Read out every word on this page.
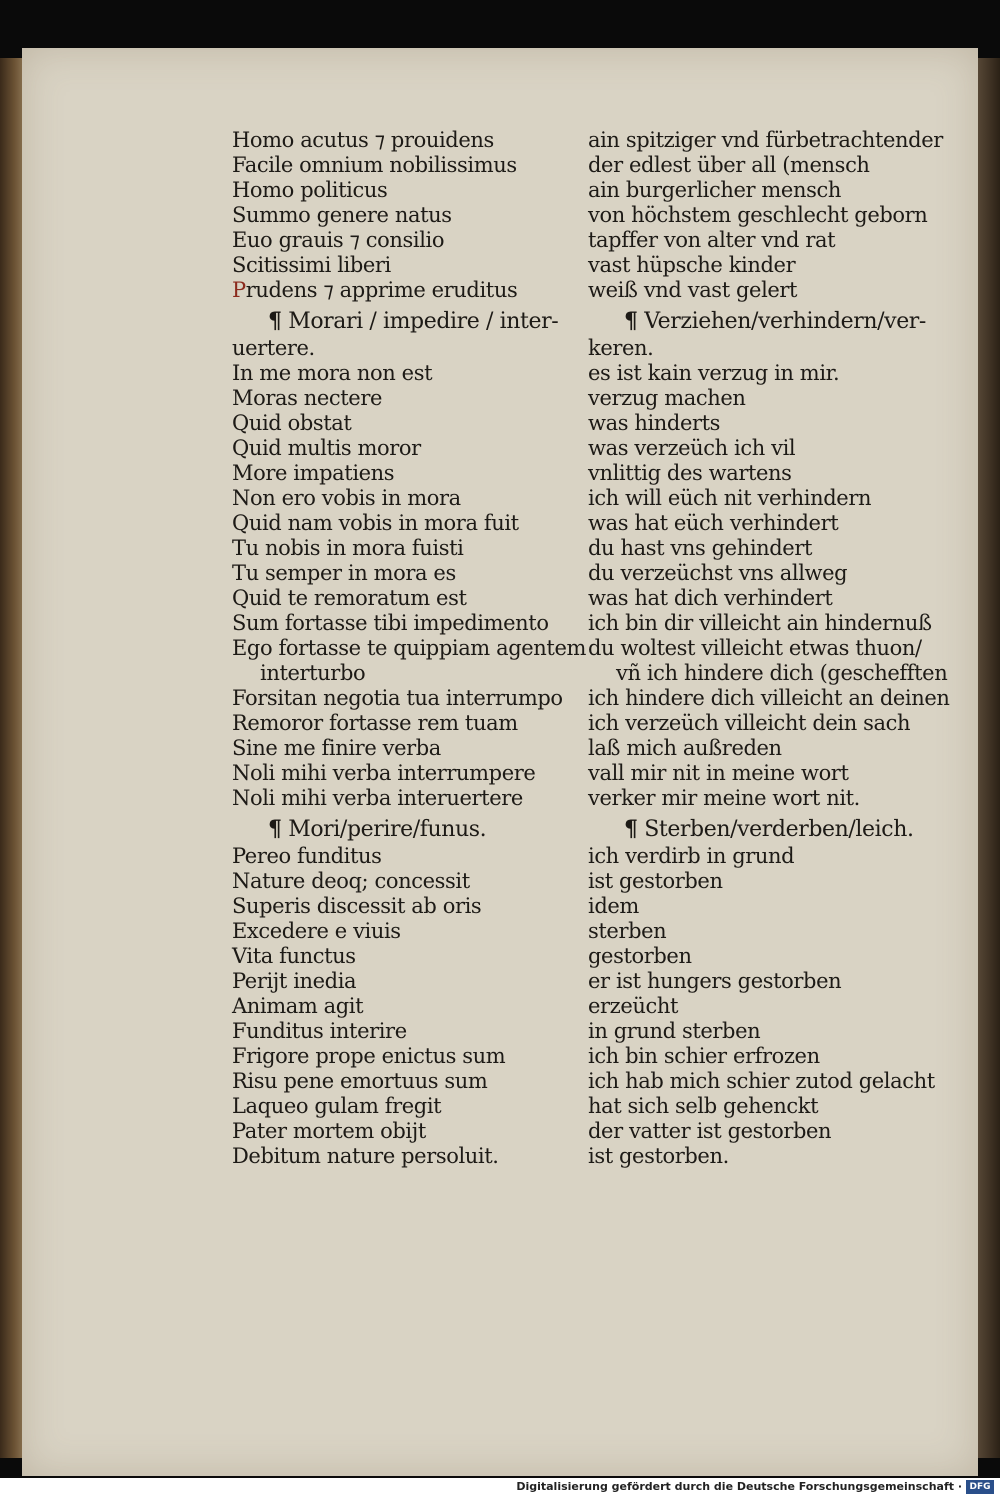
Homo acutus ⁊ prouidens
Facile omnium nobilissimus
Homo politicus
Summo genere natus
Euo grauis ⁊ consilio
Scitissimi liberi
Prudens ⁊ apprime eruditus
¶ Morari / impedire / inter-
uertere.
In me mora non est
Moras nectere
Quid obstat
Quid multis moror
More impatiens
Non ero vobis in mora
Quid nam vobis in mora fuit
Tu nobis in mora fuisti
Tu semper in mora es
Quid te remoratum est
Sum fortasse tibi impedimento
Ego fortasse te quippiam agentem
interturbo
Forsitan negotia tua interrumpo
Remoror fortasse rem tuam
Sine me finire verba
Noli mihi verba interrumpere
Noli mihi verba interuertere
¶ Mori/perire/funus.
Pereo funditus
Nature deoq; concessit
Superis discessit ab oris
Excedere e viuis
Vita functus
Perijt inedia
Animam agit
Funditus interire
Frigore prope enictus sum
Risu pene emortuus sum
Laqueo gulam fregit
Pater mortem obijt
Debitum nature persoluit.
ain spitziger vnd fürbetrachtender
der edlest über all (mensch
ain burgerlicher mensch
von höchstem geschlecht geborn
tapffer von alter vnd rat
vast hüpsche kinder
weiß vnd vast gelert
¶ Verziehen/verhindern/ver-
keren.
es ist kain verzug in mir.
verzug machen
was hinderts
was verzeüch ich vil
vnlittig des wartens
ich will eüch nit verhindern
was hat eüch verhindert
du hast vns gehindert
du verzeüchst vns allweg
was hat dich verhindert
ich bin dir villeicht ain hindernuß
du woltest villeicht etwas thuon/
vñ ich hindere dich (geschefften
ich hindere dich villeicht an deinen
ich verzeüch villeicht dein sach
laß mich außreden
vall mir nit in meine wort
verker mir meine wort nit.
¶ Sterben/verderben/leich.
ich verdirb in grund
ist gestorben
idem
sterben
gestorben
er ist hungers gestorben
erzeücht
in grund sterben
ich bin schier erfrozen
ich hab mich schier zutod gelacht
hat sich selb gehenckt
der vatter ist gestorben
ist gestorben.
Digitalisierung gefördert durch die Deutsche Forschungsgemeinschaft · DFG
